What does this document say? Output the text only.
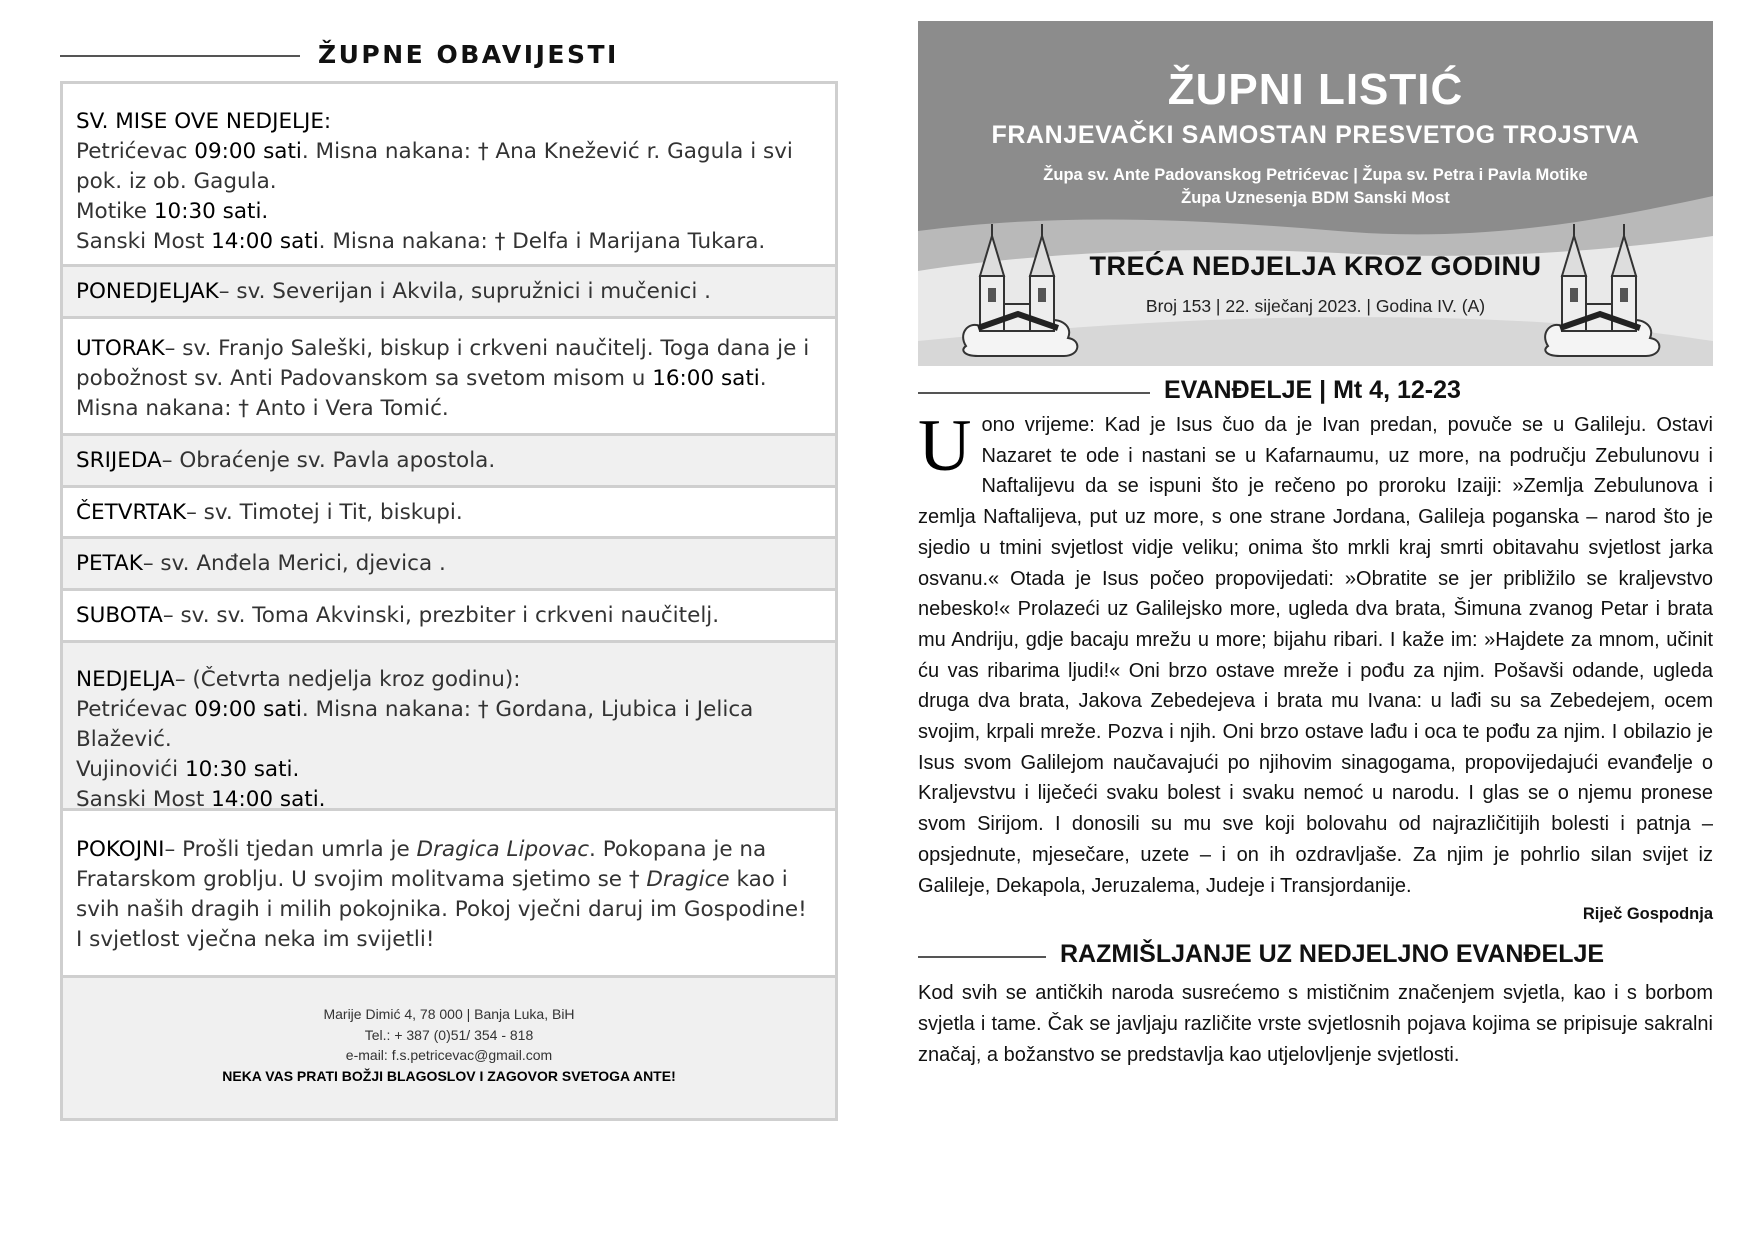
ŽUPNE OBAVIJESTI
SV. MISE OVE NEDJELJE:
Petrićevac 09:00 sati. Misna nakana: † Ana Knežević r. Gagula i svi pok. iz ob. Gagula.
Motike 10:30 sati.
Sanski Most 14:00 sati. Misna nakana: † Delfa i Marijana Tukara.
PONEDJELJAK– sv. Severijan i Akvila, supružnici i mučenici .
UTORAK– sv. Franjo Saleški, biskup i crkveni naučitelj. Toga dana je i pobožnost sv. Anti Padovanskom sa svetom misom u 16:00 sati. Misna nakana: † Anto i Vera Tomić.
SRIJEDA– Obraćenje sv. Pavla apostola.
ČETVRTAK– sv. Timotej i Tit, biskupi.
PETAK– sv. Anđela Merici, djevica .
SUBOTA– sv. sv. Toma Akvinski, prezbiter i crkveni naučitelj.
NEDJELJA– (Četvrta nedjelja kroz godinu):
Petrićevac 09:00 sati. Misna nakana: † Gordana, Ljubica i Jelica Blažević.
Vujinovići 10:30 sati.
Sanski Most 14:00 sati.
POKOJNI– Prošli tjedan umrla je Dragica Lipovac. Pokopana je na Fratarskom groblju. U svojim molitvama sjetimo se † Dragice kao i svih naših dragih i milih pokojnika. Pokoj vječni daruj im Gospodine! I svjetlost vječna neka im svijetli!
Marije Dimić 4, 78 000 | Banja Luka, BiH
Tel.: + 387 (0)51/ 354 - 818
e-mail: f.s.petricevac@gmail.com
NEKA VAS PRATI BOŽJI BLAGOSLOV I ZAGOVOR SVETOGA ANTE!
ŽUPNI LISTIĆ
FRANJEVAČKI SAMOSTAN PRESVETOG TROJSTVA
Župa sv. Ante Padovanskog Petrićevac | Župa sv. Petra i Pavla Motike
Župa Uznesenja BDM Sanski Most
TREĆA NEDJELJA KROZ GODINU
Broj 153 | 22. siječanj 2023. | Godina IV. (A)
EVANĐELJE | Mt 4, 12-23
Uono vrijeme: Kad je Isus čuo da je Ivan predan, povuče se u Galileju. Ostavi Nazaret te ode i nastani se u Kafarnaumu, uz more, na području Zebulunovu i Naftalijevu da se ispuni što je rečeno po proroku Izaiji: »Zemlja Zebulunova i zemlja Naftalijeva, put uz more, s one strane Jordana, Galileja poganska – narod što je sjedio u tmini svjetlost vidje veliku; onima što mrkli kraj smrti obitavahu svjetlost jarka osvanu.« Otada je Isus počeo propovijedati: »Obratite se jer približilo se kraljevstvo nebesko!« Prolazeći uz Galilejsko more, ugleda dva brata, Šimuna zvanog Petar i brata mu Andriju, gdje bacaju mrežu u more; bijahu ribari. I kaže im: »Hajdete za mnom, učinit ću vas ribarima ljudi!« Oni brzo ostave mreže i pođu za njim. Pošavši odande, ugleda druga dva brata, Jakova Zebedejeva i brata mu Ivana: u lađi su sa Zebedejem, ocem svojim, krpali mreže. Pozva i njih. Oni brzo ostave lađu i oca te pođu za njim. I obilazio je Isus svom Galilejom naučavajući po njihovim sinagogama, propovijedajući evanđelje o Kraljevstvu i liječeći svaku bolest i svaku nemoć u narodu. I glas se o njemu pronese svom Sirijom. I donosili su mu sve koji bolovahu od najrazličitijih bolesti i patnja – opsjednute, mjesečare, uzete – i on ih ozdravljaše. Za njim je pohrlio silan svijet iz Galileje, Dekapola, Jeruzalema, Judeje i Transjordanije.
Riječ Gospodnja
RAZMIŠLJANJE UZ NEDJELJNO EVANĐELJE
Kod svih se antičkih naroda susrećemo s mističnim značenjem svjetla, kao i s borbom svjetla i tame. Čak se javljaju različite vrste svjetlosnih pojava kojima se pripisuje sakralni značaj, a božanstvo se predstavlja kao utjelovljenje svjetlosti.
